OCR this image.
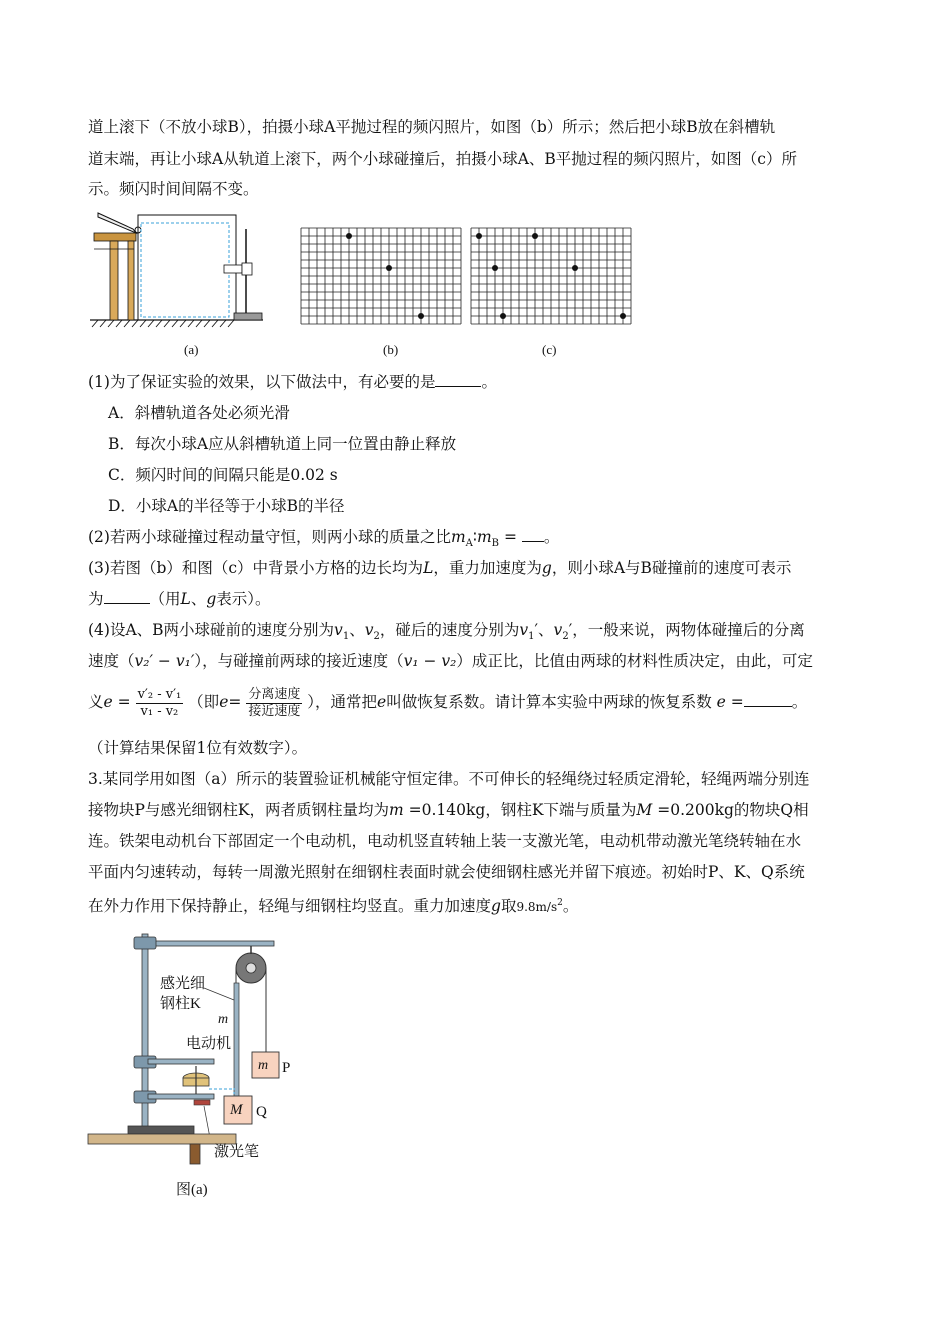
道上滚下（不放小球B），拍摄小球A平抛过程的频闪照片，如图（b）所示；然后把小球B放在斜槽轨
道末端，再让小球A从轨道上滚下，两个小球碰撞后，拍摄小球A、B平抛过程的频闪照片，如图（c）所
示。频闪时间间隔不变。
(a)	(b)	(c)
(1)为了保证实验的效果，以下做法中，有必要的是	。
A．斜槽轨道各处必须光滑
B．每次小球A应从斜槽轨道上同一位置由静止释放
C．频闪时间的间隔只能是0.02 s
D．小球A的半径等于小球B的半径
(2)若两小球碰撞过程动量守恒，则两小球的质量之比$m_A∶m_B$ = 。
(3)若图（b）和图（c）中背景小方格的边长均为L，重力加速度为g，则小球A与B碰撞前的速度可表示
为	（用L、g表示）。
(4)设A、B两小球碰前的速度分别为$v_1$、$v_2$，碰后的速度分别为$v_1'$、$v_2'$，一般来说，两物体碰撞后的分离
速度（v₂′ − v₁′），与碰撞前两球的接近速度（v₁ − v₂）成正比，比值由两球的材料性质决定，由此，可定
义$e = \frac{\text{v′₂ - v′₁}}{\text{v₁ - v₂}}$ （即$e= \frac{\text{分离速度}}{\text{接近速度}}$ ），通常把e叫做恢复系数。请计算本实验中两球的恢复系数 e =	。
（计算结果保留1位有效数字）。
3.某同学用如图（a）所示的装置验证机械能守恒定律。不可伸长的轻绳绕过轻质定滑轮，轻绳两端分别连
接物块P与感光细钢柱K，两者质钢柱量均为m =0.140kg，钢柱K下端与质量为M =0.200kg的物块Q相
连。铁架电动机台下部固定一个电动机，电动机竖直转轴上装一支激光笔，电动机带动激光笔绕转轴在水
平面内匀速转动，每转一周激光照射在细钢柱表面时就会使细钢柱感光并留下痕迹。初始时P、K、Q系统
在外力作用下保持静止，轻绳与细钢柱均竖直。重力加速度g取$9.8m/s^2$。
感光细
钢柱K
m
电动机
m P
M Q
激光笔
图(a)
